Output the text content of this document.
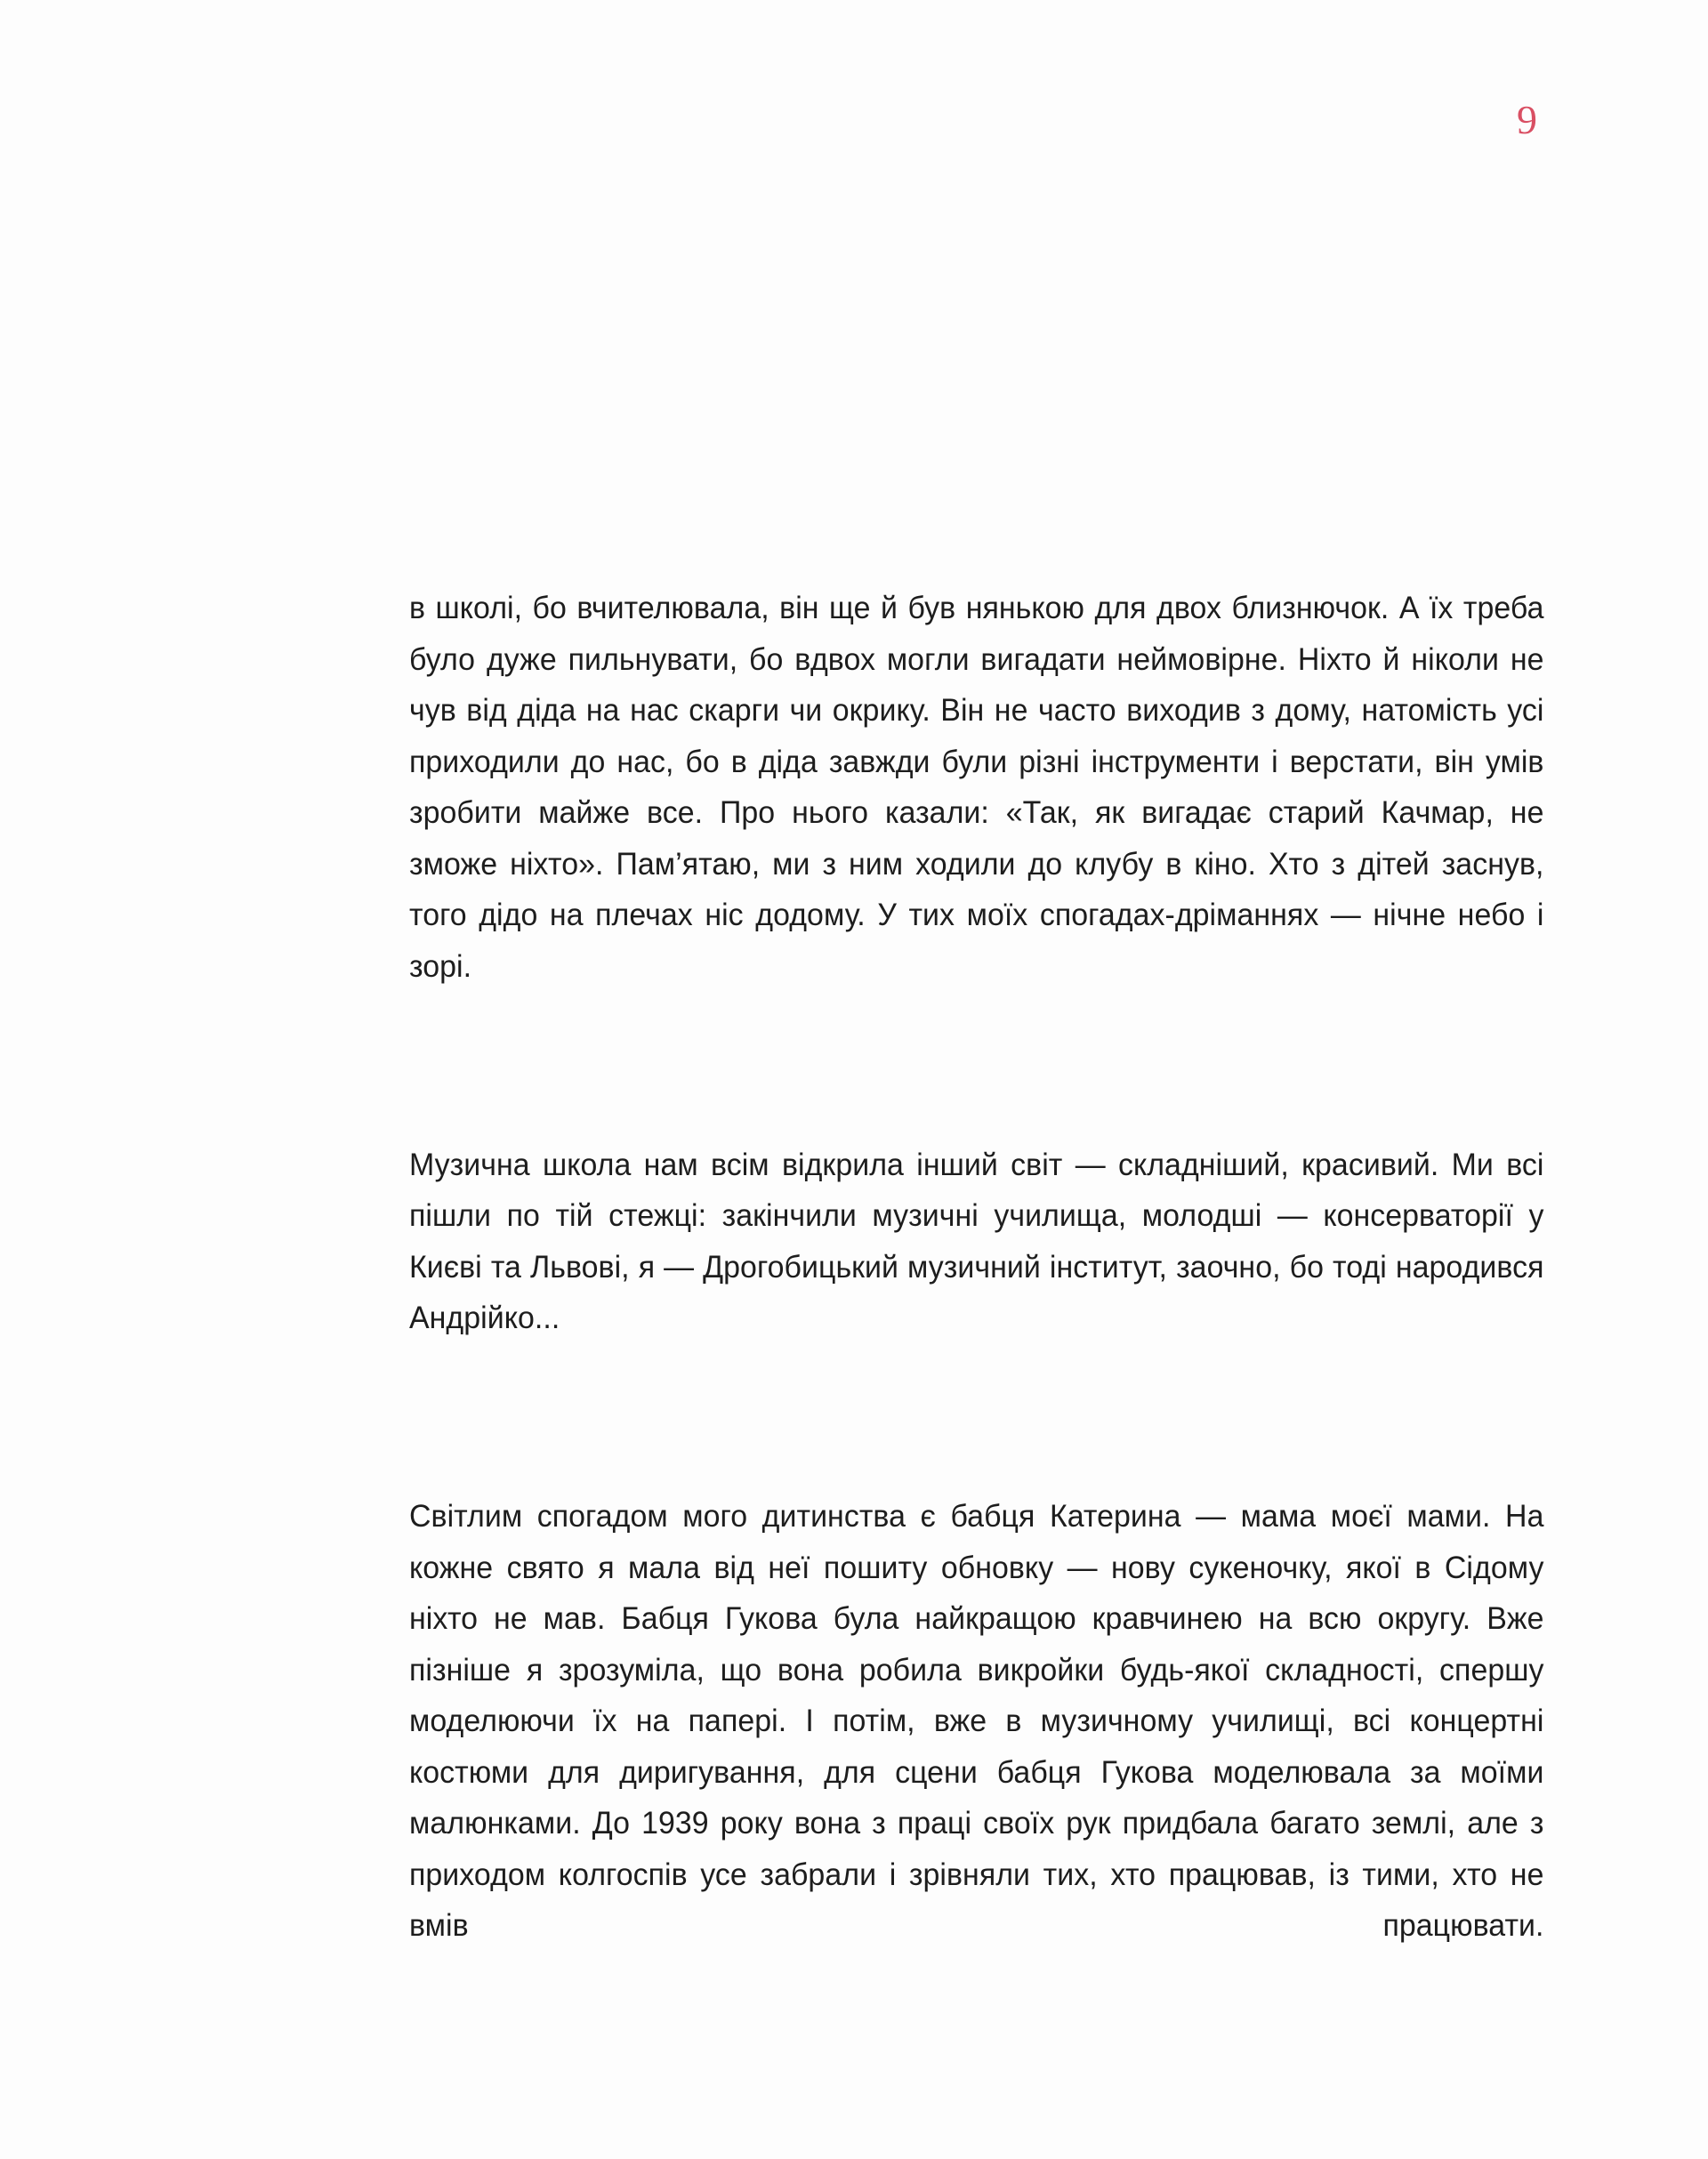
9

в школі, бо вчителювала, він ще й був нянькою для двох близнючок. А їх треба було дуже пильнувати, бо вдвох могли вигадати неймовірне. Ніхто й ніколи не чув від діда на нас скарги чи окрику. Він не часто виходив з дому, натомість усі приходили до нас, бо в діда завжди були різні інструменти і верстати, він умів зробити майже все. Про нього казали: «Так, як вигадає старий Качмар, не зможе ніхто». Пам’ятаю, ми з ним ходили до клубу в кіно. Хто з дітей заснув, того дідо на плечах ніс додому. У тих моїх спогадах-дріманнях — нічне небо і зорі.

Музична школа нам всім відкрила інший світ — складніший, красивий. Ми всі пішли по тій стежці: закінчили музичні училища, молодші — консерваторії у Києві та Львові, я — Дрогобицький музичний інститут, заочно, бо тоді народився Андрійко...

Світлим спогадом мого дитинства є бабця Катерина — мама моєї мами. На кожне свято я мала від неї пошиту обновку — нову сукеночку, якої в Сідому ніхто не мав. Бабця Гукова була найкращою кравчинею на всю округу. Вже пізніше я зрозуміла, що вона робила викройки будь-якої складності, спершу моделюючи їх на папері. І потім, вже в музичному училищі, всі концертні костюми для диригування, для сцени бабця Гукова моделювала за моїми малюнками. До 1939 року вона з праці своїх рук придбала багато землі, але з приходом колгоспів усе забрали і зрівняли тих, хто працював, із тими, хто не вмів працювати.
